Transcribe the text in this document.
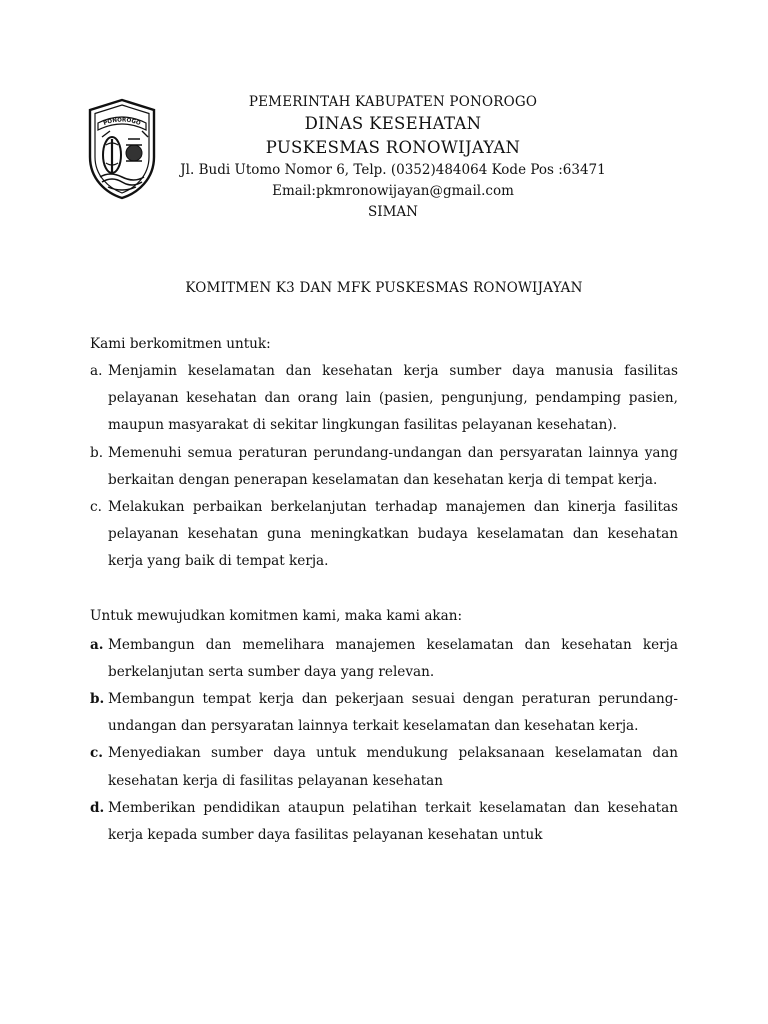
PONOROGO
PEMERINTAH KABUPATEN PONOROGO
DINAS KESEHATAN
PUSKESMAS RONOWIJAYAN
Jl. Budi Utomo Nomor 6, Telp. (0352)484064 Kode Pos :63471
Email:pkmronowijayan@gmail.com
SIMAN
KOMITMEN K3 DAN MFK PUSKESMAS RONOWIJAYAN
Kami berkomitmen untuk:
a. Menjamin keselamatan dan kesehatan kerja sumber daya manusia fasilitas pelayanan kesehatan dan orang lain (pasien, pengunjung, pendamping pasien, maupun masyarakat di sekitar lingkungan fasilitas pelayanan kesehatan).
b. Memenuhi semua peraturan perundang-undangan dan persyaratan lainnya yang berkaitan dengan penerapan keselamatan dan kesehatan kerja di tempat kerja.
c. Melakukan perbaikan berkelanjutan terhadap manajemen dan kinerja fasilitas pelayanan kesehatan guna meningkatkan budaya keselamatan dan kesehatan kerja yang baik di tempat kerja.
Untuk mewujudkan komitmen kami, maka kami akan:
a. Membangun dan memelihara manajemen keselamatan dan kesehatan kerja berkelanjutan serta sumber daya yang relevan.
b. Membangun tempat kerja dan pekerjaan sesuai dengan peraturan perundang-undangan dan persyaratan lainnya terkait keselamatan dan kesehatan kerja.
c. Menyediakan sumber daya untuk mendukung pelaksanaan keselamatan dan kesehatan kerja di fasilitas pelayanan kesehatan
d. Memberikan pendidikan ataupun pelatihan terkait keselamatan dan kesehatan kerja kepada sumber daya fasilitas pelayanan kesehatan untuk
